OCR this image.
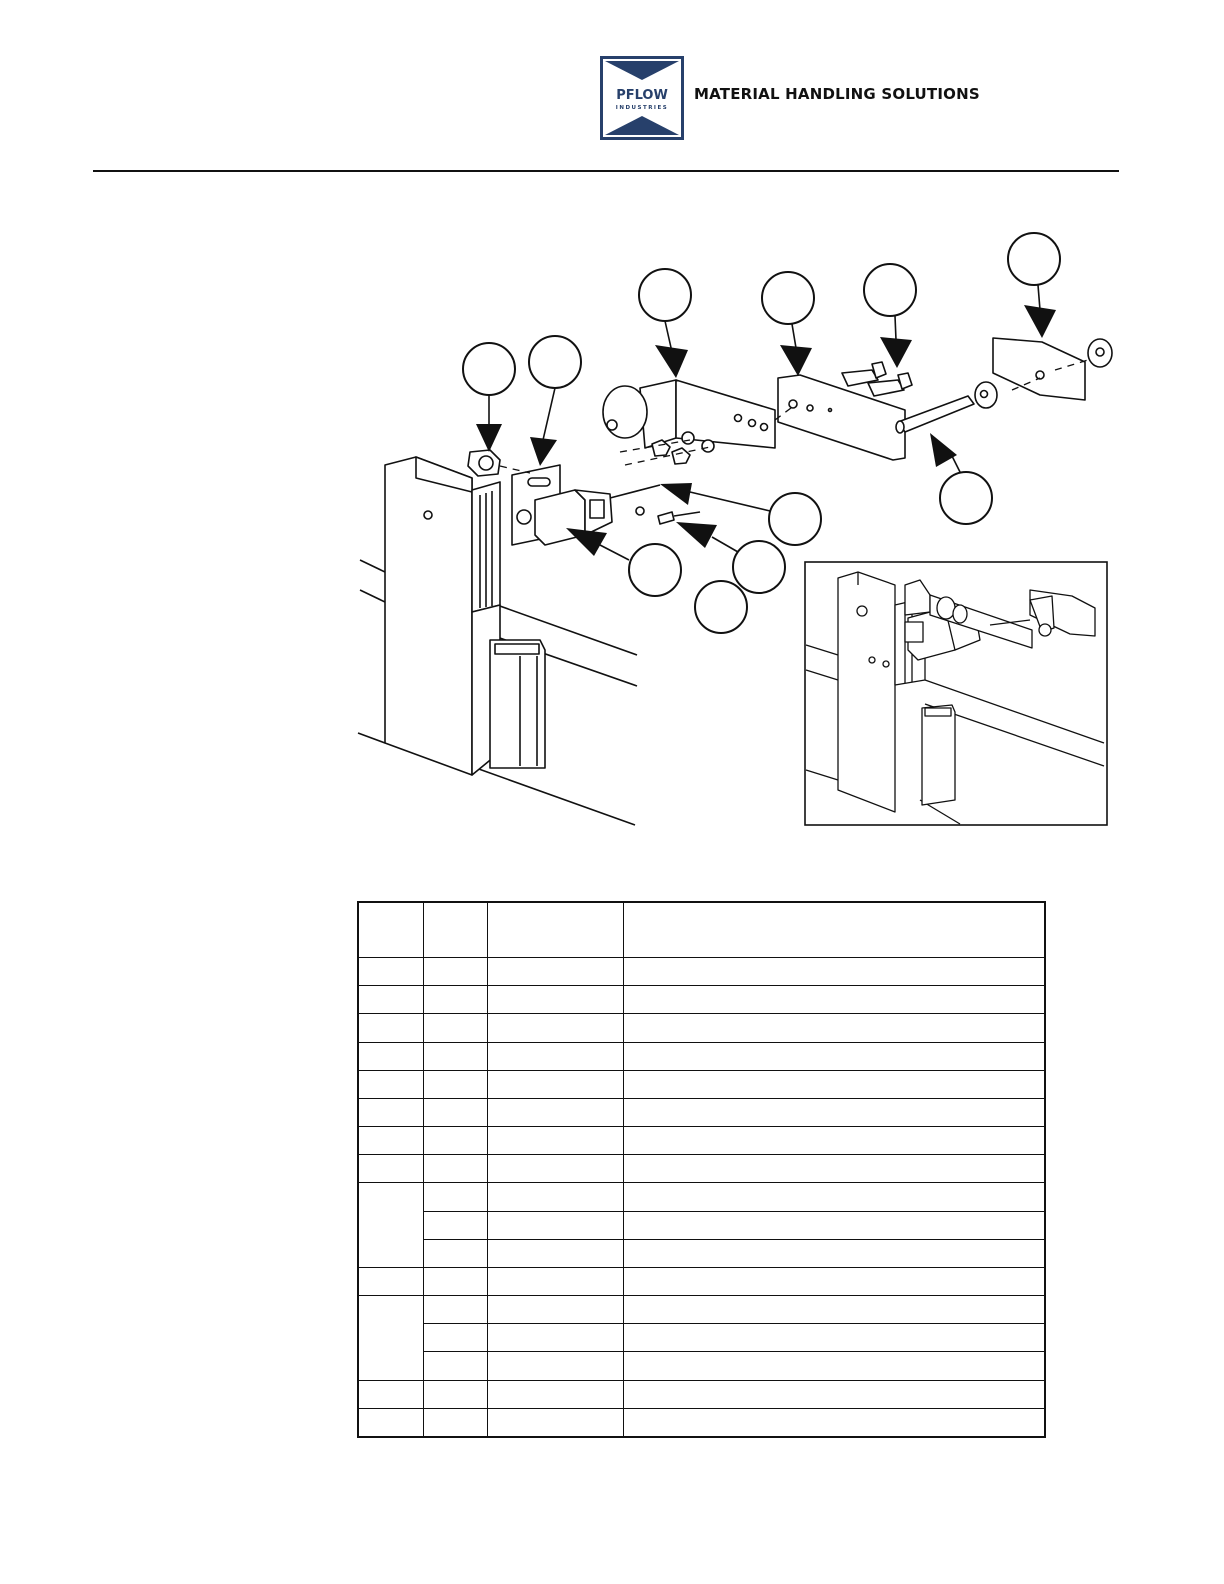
PFLOW
INDUSTRIES
MATERIAL HANDLING SOLUTIONS
